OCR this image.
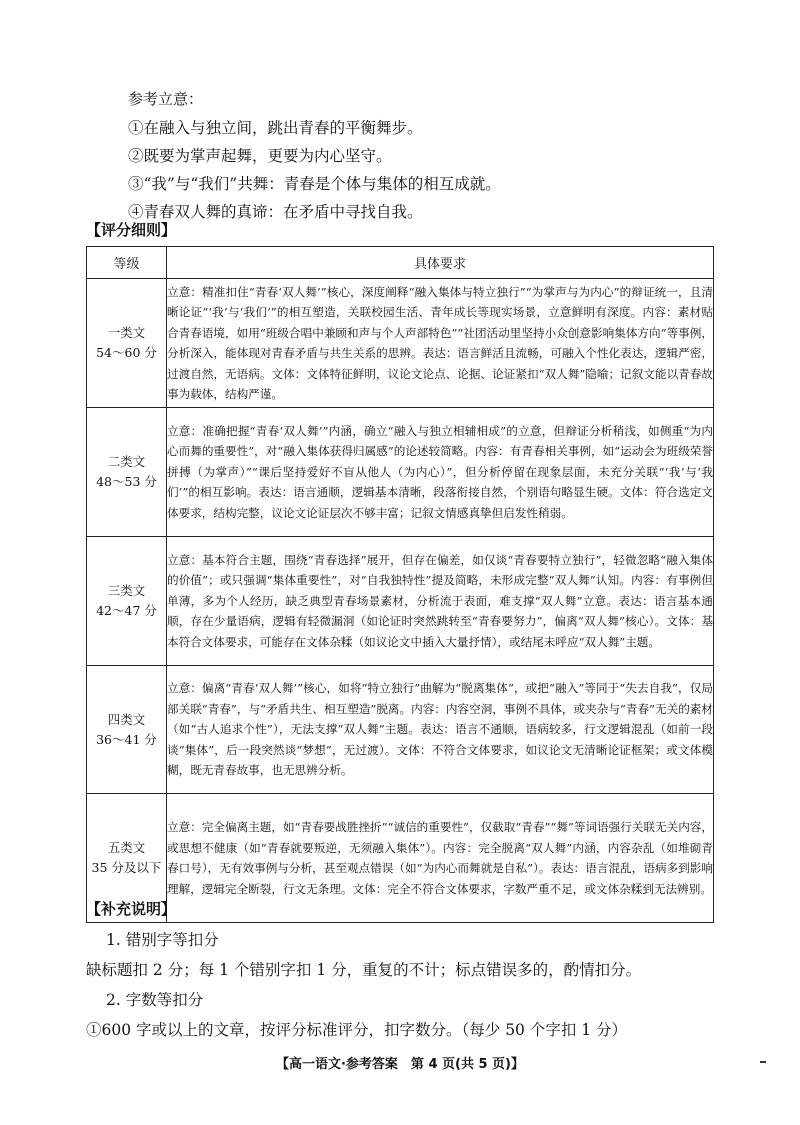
参考立意：
①在融入与独立间，跳出青春的平衡舞步。
②既要为掌声起舞，更要为内心坚守。
③“我”与“我们”共舞：青春是个体与集体的相互成就。
④青春双人舞的真谛：在矛盾中寻找自我。
【评分细则】
等级	具体要求

一类文
54～60 分	立意：精准扣住“青春‘双人舞’”核心，深度阐释“融入集体与特立独行”“为掌声与为内心”的辩证统一，且清晰论证“‘我’与‘我们’”的相互塑造，关联校园生活、青年成长等现实场景，立意鲜明有深度。内容：素材贴合青春语境，如用“班级合唱中兼顾和声与个人声部特色”“社团活动里坚持小众创意影响集体方向”等事例，分析深入，能体现对青春矛盾与共生关系的思辨。表达：语言鲜活且流畅，可融入个性化表达，逻辑严密，过渡自然，无语病。文体：文体特征鲜明，议论文论点、论据、论证紧扣“双人舞”隐喻；记叙文能以青春故事为载体，结构严谨。

二类文
48～53 分	立意：准确把握“青春‘双人舞’”内涵，确立“融入与独立相辅相成”的立意，但辩证分析稍浅，如侧重“为内心而舞的重要性”，对“融入集体获得归属感”的论述较简略。内容：有青春相关事例，如“运动会为班级荣誉拼搏（为掌声）”“课后坚持爱好不盲从他人（为内心）”，但分析停留在现象层面，未充分关联“‘我’与‘我们’”的相互影响。表达：语言通顺，逻辑基本清晰，段落衔接自然，个别语句略显生硬。文体：符合选定文体要求，结构完整，议论文论证层次不够丰富；记叙文情感真挚但启发性稍弱。

三类文
42～47 分	立意：基本符合主题，围绕“青春选择”展开，但存在偏差，如仅谈“青春要特立独行”，轻微忽略“融入集体的价值”；或只强调“集体重要性”，对“自我独特性”提及简略，未形成完整“双人舞”认知。内容：有事例但单薄，多为个人经历，缺乏典型青春场景素材，分析流于表面，难支撑“双人舞”立意。表达：语言基本通顺，存在少量语病，逻辑有轻微漏洞（如论证时突然跳转至“青春要努力”，偏离“双人舞”核心）。文体：基本符合文体要求，可能存在文体杂糅（如议论文中插入大量抒情），或结尾未呼应“双人舞”主题。

四类文
36～41 分	立意：偏离“青春‘双人舞’”核心，如将“特立独行”曲解为“脱离集体”，或把“融入”等同于“失去自我”，仅局部关联“青春”，与“矛盾共生、相互塑造”脱离。内容：内容空洞，事例不具体，或夹杂与“青春”无关的素材（如“古人追求个性”），无法支撑“双人舞”主题。表达：语言不通顺，语病较多，行文逻辑混乱（如前一段谈“集体”，后一段突然谈“梦想”，无过渡）。文体：不符合文体要求，如议论文无清晰论证框架；或文体模糊，既无青春故事，也无思辨分析。

五类文
35 分及以下	立意：完全偏离主题，如“青春要战胜挫折”“诚信的重要性”，仅截取“青春”“舞”等词语强行关联无关内容，或思想不健康（如“青春就要叛逆，无须融入集体”）。内容：完全脱离“双人舞”内涵，内容杂乱（如堆砌青春口号），无有效事例与分析，甚至观点错误（如“为内心而舞就是自私”）。表达：语言混乱，语病多到影响理解，逻辑完全断裂，行文无条理。文体：完全不符合文体要求，字数严重不足，或文体杂糅到无法辨别。
【补充说明】
1. 错别字等扣分
缺标题扣 2 分；每 1 个错别字扣 1 分，重复的不计；标点错误多的，酌情扣分。
2. 字数等扣分
①600 字或以上的文章，按评分标准评分，扣字数分。（每少 50 个字扣 1 分）
【高一语文·参考答案　第 4 页(共 5 页)】
